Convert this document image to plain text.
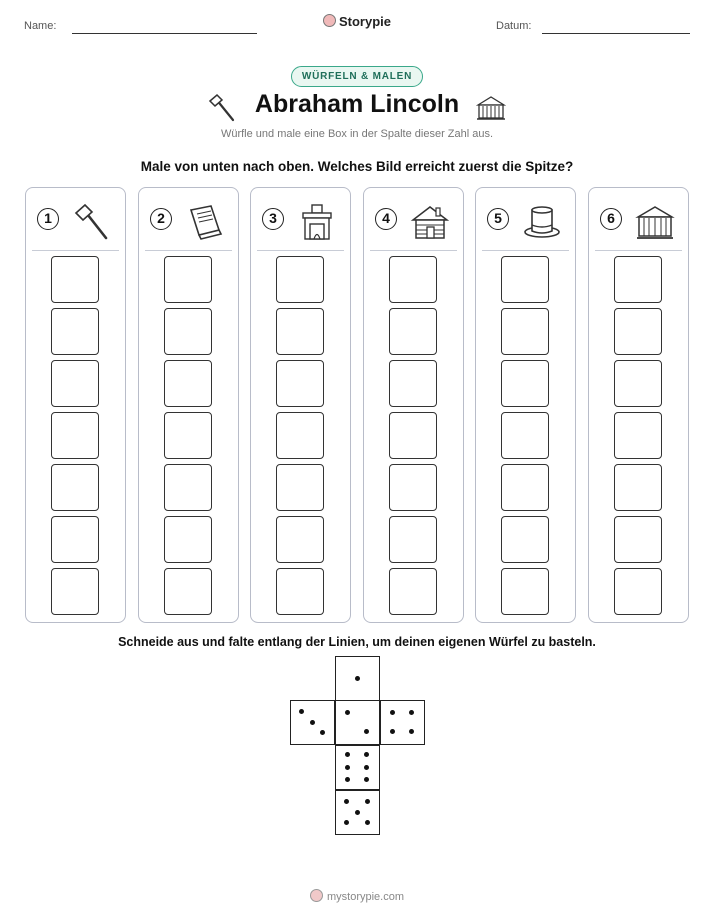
Name:	Storypie	Datum:
WÜRFELN & MALEN
Abraham Lincoln
Würfle und male eine Box in der Spalte dieser Zahl aus.
Male von unten nach oben. Welches Bild erreicht zuerst die Spitze?
1	2	3	4	5	6
Schneide aus und falte entlang der Linien, um deinen eigenen Würfel zu basteln.
mystorypie.com
